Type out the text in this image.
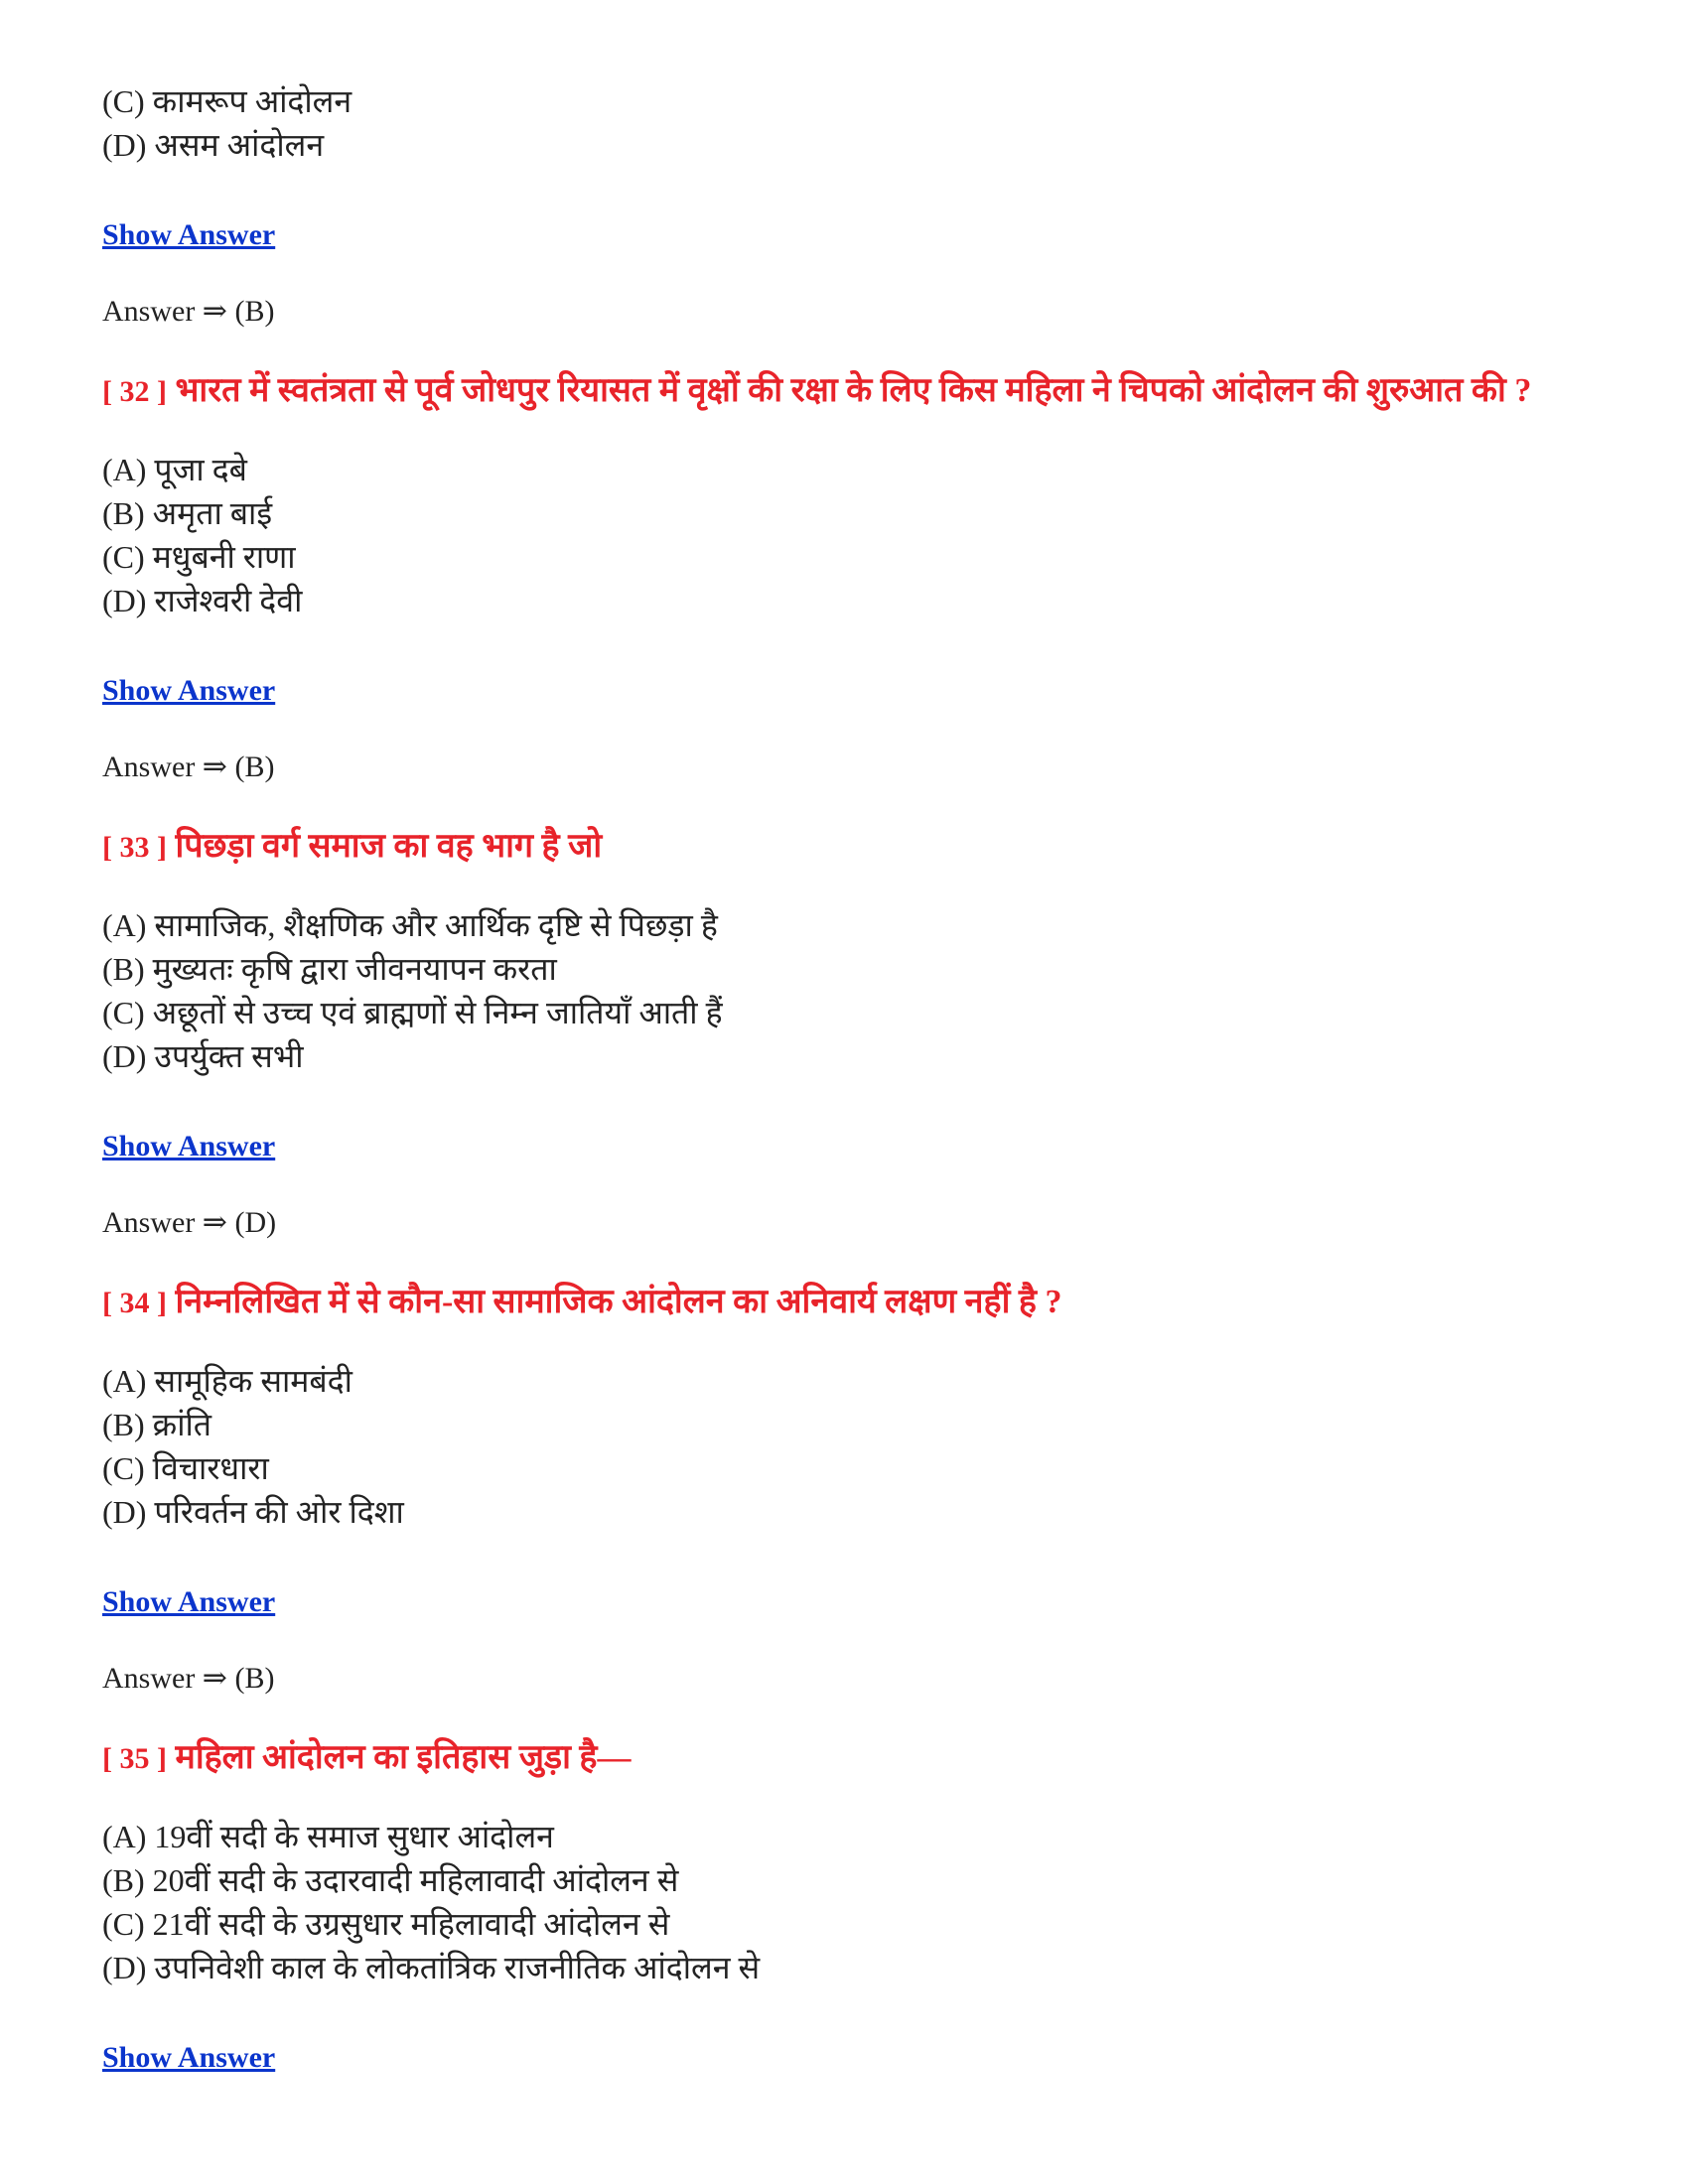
(C) कामरूप आंदोलन
(D) असम आंदोलन
Show Answer
Answer ⇒ (B)
[ 32 ] भारत में स्वतंत्रता से पूर्व जोधपुर रियासत में वृक्षों की रक्षा के लिए किस महिला ने चिपको आंदोलन की शुरुआत की ?
(A) पूजा दबे
(B) अमृता बाई
(C) मधुबनी राणा
(D) राजेश्वरी देवी
Show Answer
Answer ⇒ (B)
[ 33 ] पिछड़ा वर्ग समाज का वह भाग है जो
(A) सामाजिक, शैक्षणिक और आर्थिक दृष्टि से पिछड़ा है
(B) मुख्यतः कृषि द्वारा जीवनयापन करता
(C) अछूतों से उच्च एवं ब्राह्मणों से निम्न जातियाँ आती हैं
(D) उपर्युक्त सभी
Show Answer
Answer ⇒ (D)
[ 34 ] निम्नलिखित में से कौन-सा सामाजिक आंदोलन का अनिवार्य लक्षण नहीं है ?
(A) सामूहिक सामबंदी
(B) क्रांति
(C) विचारधारा
(D) परिवर्तन की ओर दिशा
Show Answer
Answer ⇒ (B)
[ 35 ] महिला आंदोलन का इतिहास जुड़ा है—
(A) 19वीं सदी के समाज सुधार आंदोलन
(B) 20वीं सदी के उदारवादी महिलावादी आंदोलन से
(C) 21वीं सदी के उग्रसुधार महिलावादी आंदोलन से
(D) उपनिवेशी काल के लोकतांत्रिक राजनीतिक आंदोलन से
Show Answer
